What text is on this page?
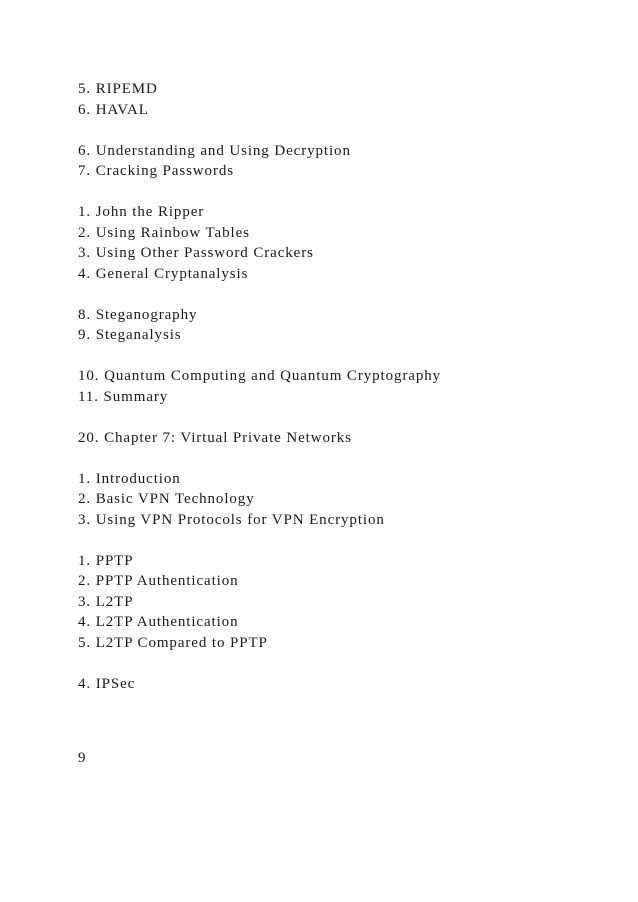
5. RIPEMD
6. HAVAL
6. Understanding and Using Decryption
7. Cracking Passwords
1. John the Ripper
2. Using Rainbow Tables
3. Using Other Password Crackers
4. General Cryptanalysis
8. Steganography
9. Steganalysis
10. Quantum Computing and Quantum Cryptography
11. Summary
20. Chapter 7: Virtual Private Networks
1. Introduction
2. Basic VPN Technology
3. Using VPN Protocols for VPN Encryption
1. PPTP
2. PPTP Authentication
3. L2TP
4. L2TP Authentication
5. L2TP Compared to PPTP
4. IPSec
9
